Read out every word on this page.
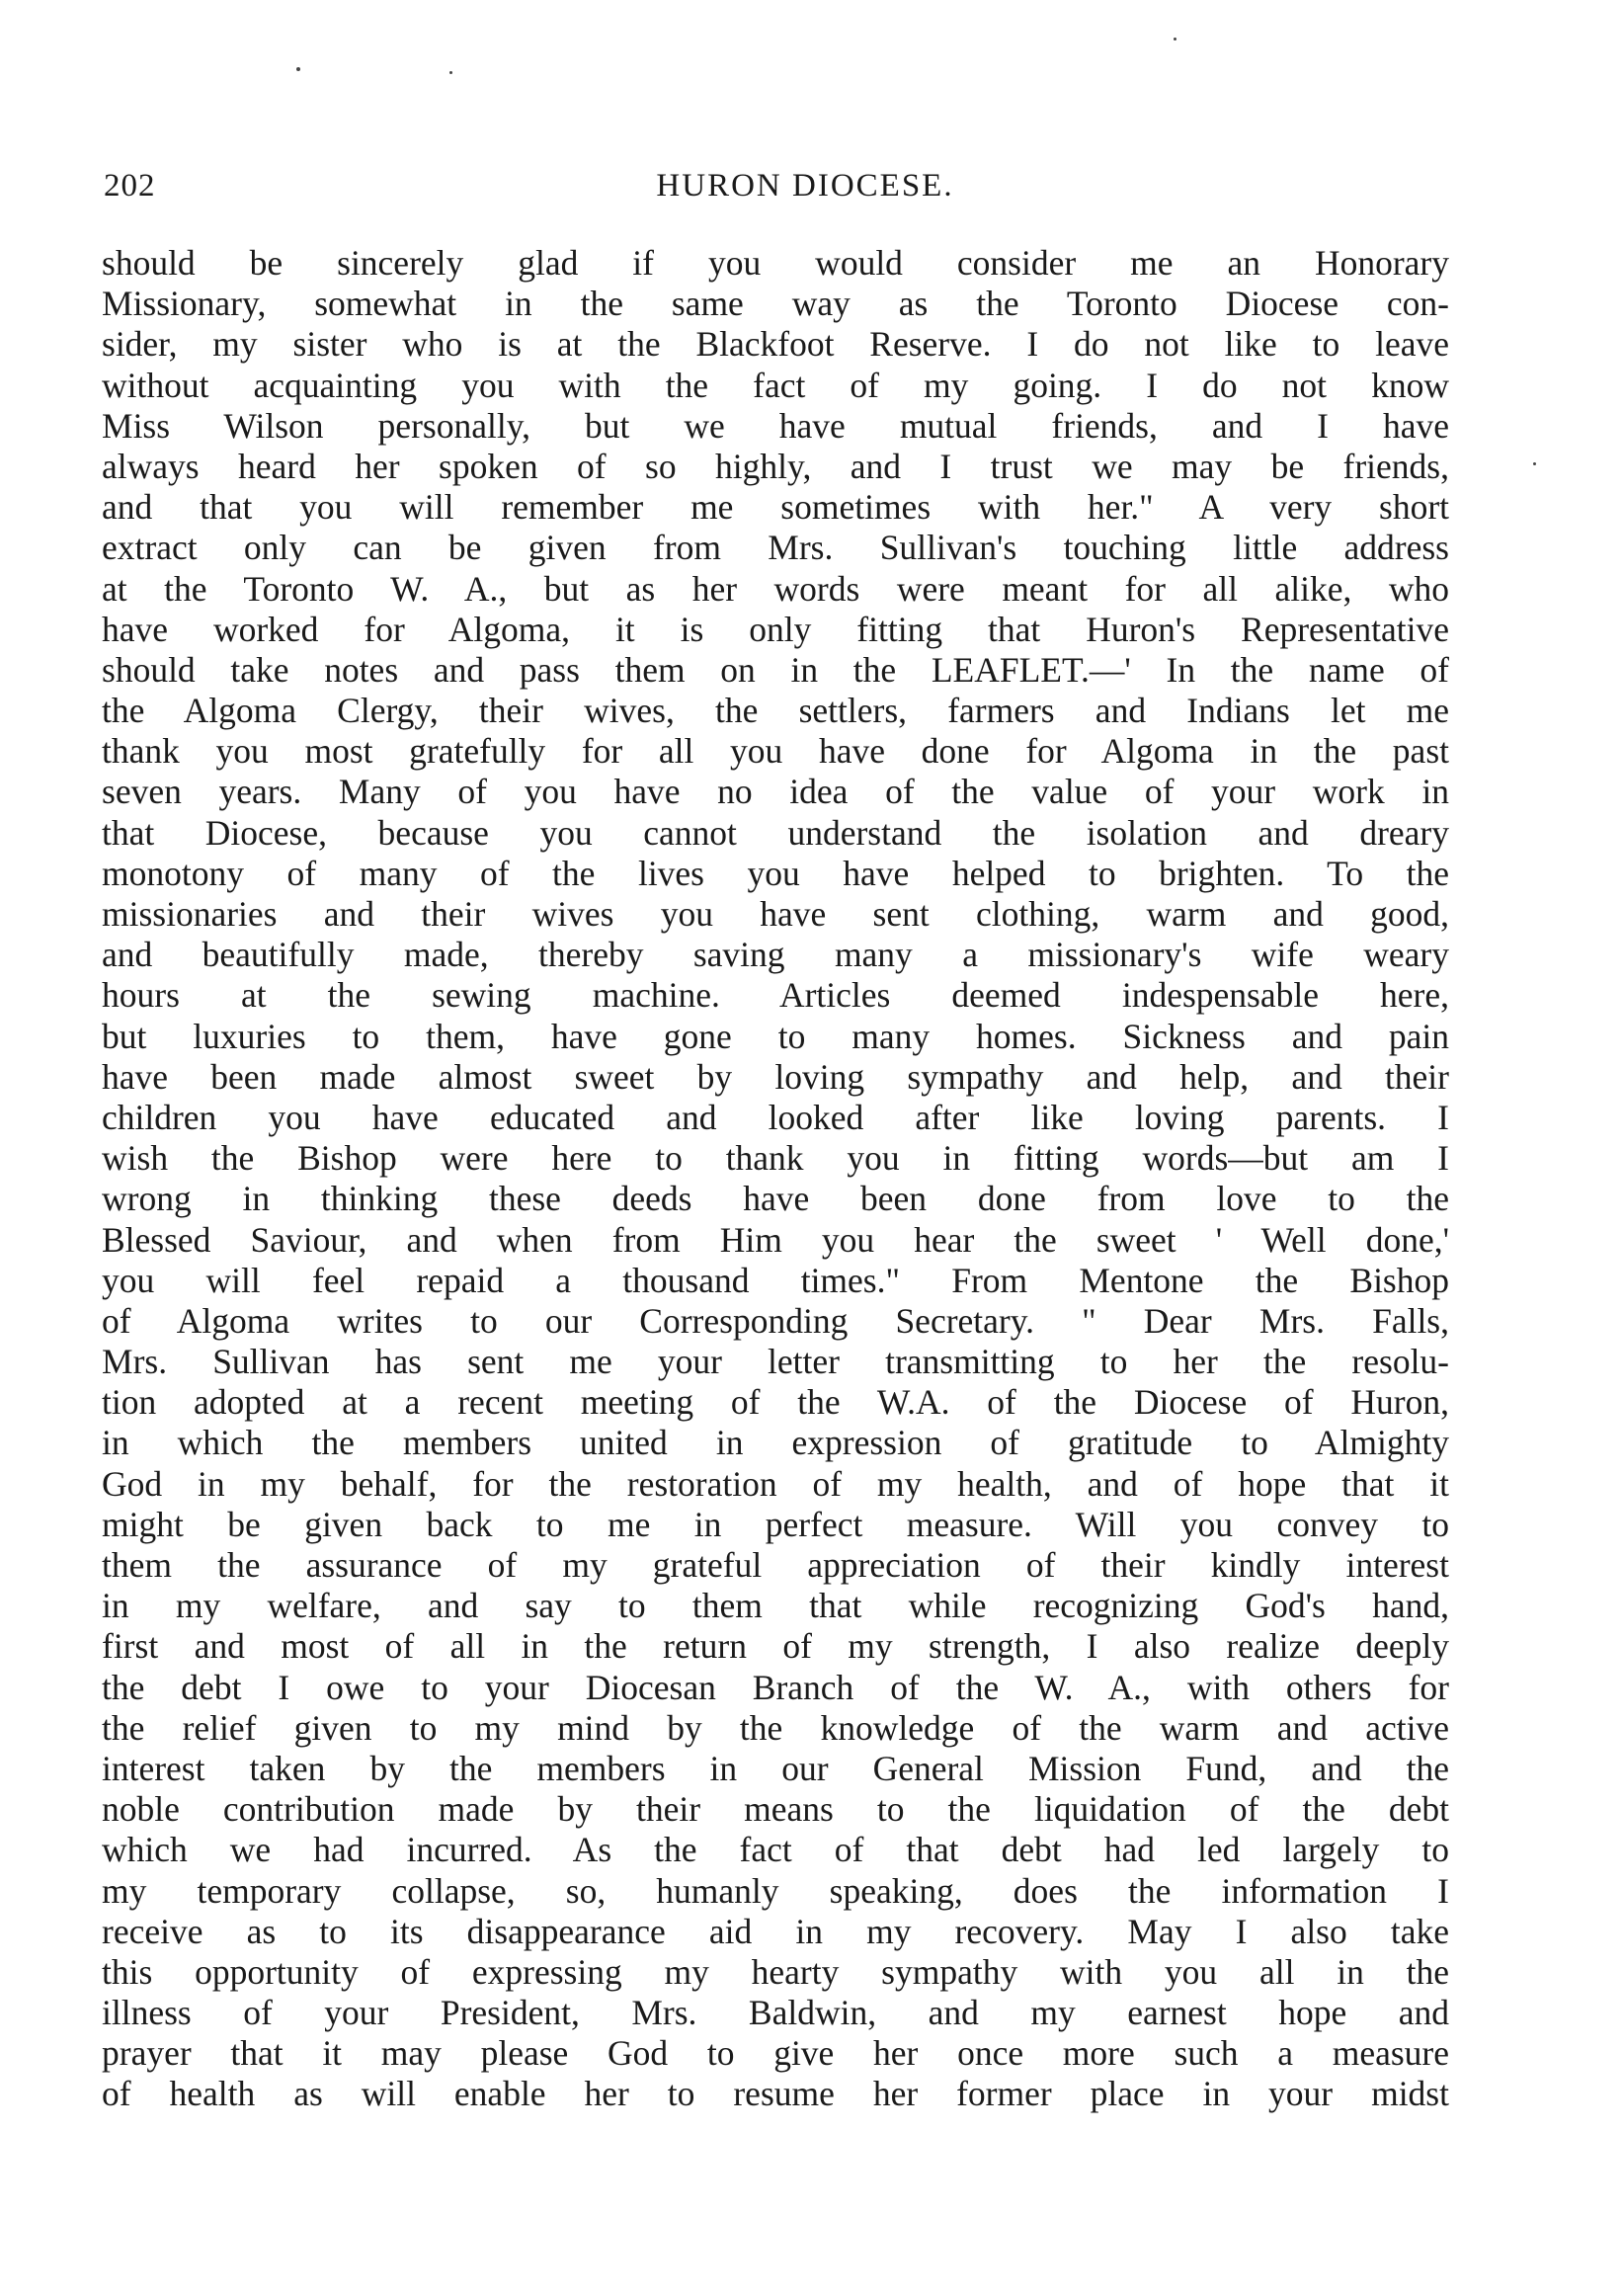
202	HURON DIOCESE.
should be sincerely glad if you would consider me an Honorary
Missionary, somewhat in the same way as the Toronto Diocese con-
sider, my sister who is at the Blackfoot Reserve. I do not like to leave
without acquainting you with the fact of my going. I do not know
Miss Wilson personally, but we have mutual friends, and I have
always heard her spoken of so highly, and I trust we may be friends,
and that you will remember me sometimes with her." A very short
extract only can be given from Mrs. Sullivan's touching little address
at the Toronto W. A., but as her words were meant for all alike, who
have worked for Algoma, it is only fitting that Huron's Representative
should take notes and pass them on in the LEAFLET.—' In the name of
the Algoma Clergy, their wives, the settlers, farmers and Indians let me
thank you most gratefully for all you have done for Algoma in the past
seven years. Many of you have no idea of the value of your work in
that Diocese, because you cannot understand the isolation and dreary
monotony of many of the lives you have helped to brighten. To the
missionaries and their wives you have sent clothing, warm and good,
and beautifully made, thereby saving many a missionary's wife weary
hours at the sewing machine. Articles deemed indespensable here,
but luxuries to them, have gone to many homes. Sickness and pain
have been made almost sweet by loving sympathy and help, and their
children you have educated and looked after like loving parents. I
wish the Bishop were here to thank you in fitting words—but am I
wrong in thinking these deeds have been done from love to the
Blessed Saviour, and when from Him you hear the sweet ' Well done,'
you will feel repaid a thousand times." From Mentone the Bishop
of Algoma writes to our Corresponding Secretary. " Dear Mrs. Falls,
Mrs. Sullivan has sent me your letter transmitting to her the resolu-
tion adopted at a recent meeting of the W.A. of the Diocese of Huron,
in which the members united in expression of gratitude to Almighty
God in my behalf, for the restoration of my health, and of hope that it
might be given back to me in perfect measure. Will you convey to
them the assurance of my grateful appreciation of their kindly interest
in my welfare, and say to them that while recognizing God's hand,
first and most of all in the return of my strength, I also realize deeply
the debt I owe to your Diocesan Branch of the W. A., with others for
the relief given to my mind by the knowledge of the warm and active
interest taken by the members in our General Mission Fund, and the
noble contribution made by their means to the liquidation of the debt
which we had incurred. As the fact of that debt had led largely to
my temporary collapse, so, humanly speaking, does the information I
receive as to its disappearance aid in my recovery. May I also take
this opportunity of expressing my hearty sympathy with you all in the
illness of your President, Mrs. Baldwin, and my earnest hope and
prayer that it may please God to give her once more such a measure
of health as will enable her to resume her former place in your midst
